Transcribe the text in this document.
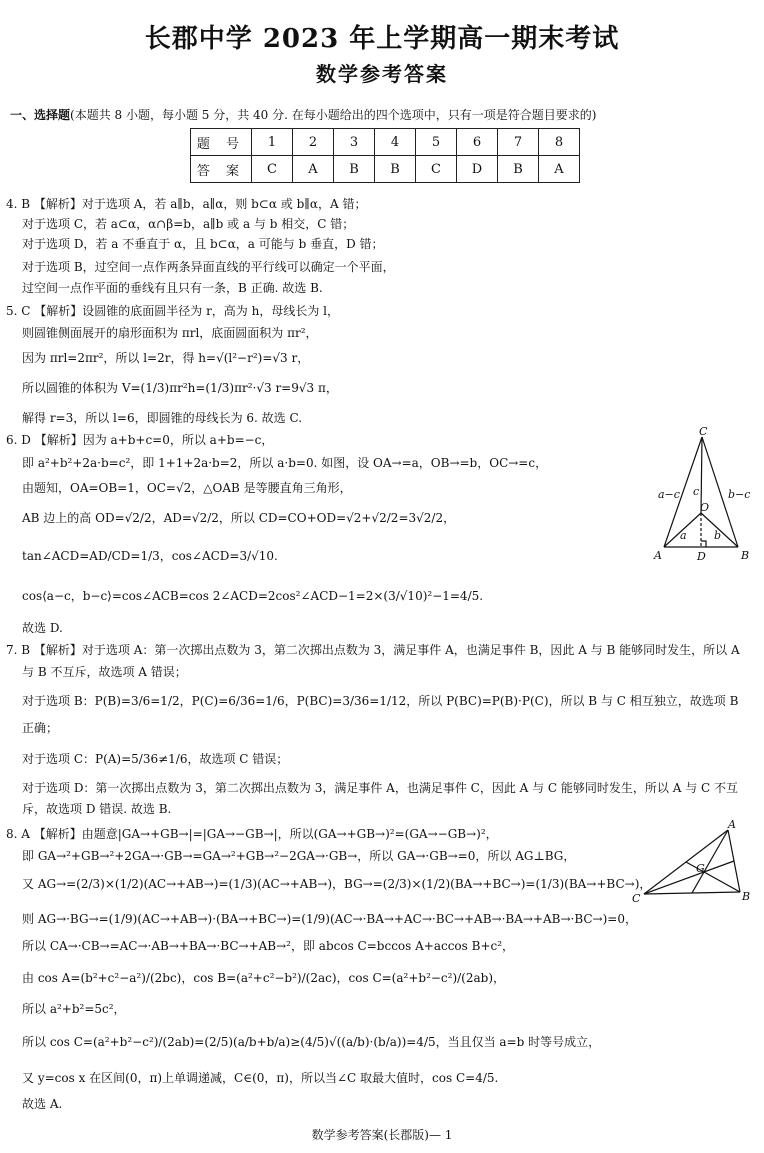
长郡中学 2023 年上学期高一期末考试
数学参考答案
一、选择题(本题共 8 小题，每小题 5 分，共 40 分. 在每小题给出的四个选项中，只有一项是符合题目要求的)
题 号	1	2	3	4	5	6	7	8
答 案	C	A	B	B	C	D	B	A
4. B 【解析】对于选项 A，若 a∥b，a∥α，则 b⊂α 或 b∥α，A 错；
对于选项 C，若 a⊂α，α∩β=b，a∥b 或 a 与 b 相交，C 错；
对于选项 D，若 a 不垂直于 α，且 b⊂α，a 可能与 b 垂直，D 错；
对于选项 B，过空间一点作两条异面直线的平行线可以确定一个平面，
过空间一点作平面的垂线有且只有一条，B 正确. 故选 B.
5. C 【解析】设圆锥的底面圆半径为 r，高为 h，母线长为 l，
则圆锥侧面展开的扇形面积为 πrl，底面圆面积为 πr²，
因为 πrl=2πr²，所以 l=2r，得 h=√(l²−r²)=√3 r，
所以圆锥的体积为 V=(1/3)πr²h=(1/3)πr²·√3 r=9√3 π，
解得 r=3，所以 l=6，即圆锥的母线长为 6. 故选 C.
6. D 【解析】因为 a+b+c=0，所以 a+b=−c，
即 a²+b²+2a·b=c²，即 1+1+2a·b=2，所以 a·b=0. 如图，设 OA→=a，OB→=b，OC→=c，
由题知，OA=OB=1，OC=√2，△OAB 是等腰直角三角形，
AB 边上的高 OD=√2/2，AD=√2/2，所以 CD=CO+OD=√2+√2/2=3√2/2，
tan∠ACD=AD/CD=1/3，cos∠ACD=3/√10.
cos⟨a−c，b−c⟩=cos∠ACB=cos 2∠ACD=2cos²∠ACD−1=2×(3/√10)²−1=4/5.
故选 D.
7. B 【解析】对于选项 A：第一次掷出点数为 3，第二次掷出点数为 3，满足事件 A，也满足事件 B，因此 A 与 B 能够同时发生，所以 A
与 B 不互斥，故选项 A 错误；
对于选项 B：P(B)=3/6=1/2，P(C)=6/36=1/6，P(BC)=3/36=1/12，所以 P(BC)=P(B)·P(C)，所以 B 与 C 相互独立，故选项 B
正确；
对于选项 C：P(A)=5/36≠1/6，故选项 C 错误；
对于选项 D：第一次掷出点数为 3，第二次掷出点数为 3，满足事件 A，也满足事件 C，因此 A 与 C 能够同时发生，所以 A 与 C 不互
斥，故选项 D 错误. 故选 B.
8. A 【解析】由题意|GA→+GB→|=|GA→−GB→|，所以(GA→+GB→)²=(GA→−GB→)²，
即 GA→²+GB→²+2GA→·GB→=GA→²+GB→²−2GA→·GB→，所以 GA→·GB→=0，所以 AG⊥BG，
又 AG→=(2/3)×(1/2)(AC→+AB→)=(1/3)(AC→+AB→)，BG→=(2/3)×(1/2)(BA→+BC→)=(1/3)(BA→+BC→)，
则 AG→·BG→=(1/9)(AC→+AB→)·(BA→+BC→)=(1/9)(AC→·BA→+AC→·BC→+AB→·BA→+AB→·BC→)=0，
所以 CA→·CB→=AC→·AB→+BA→·BC→+AB→²，即 abcos C=bccos A+accos B+c²，
由 cos A=(b²+c²−a²)/(2bc)，cos B=(a²+c²−b²)/(2ac)，cos C=(a²+b²−c²)/(2ab)，
所以 a²+b²=5c²，
所以 cos C=(a²+b²−c²)/(2ab)=(2/5)(a/b+b/a)≥(4/5)√((a/b)·(b/a))=4/5，当且仅当 a=b 时等号成立，
又 y=cos x 在区间(0，π)上单调递减，C∈(0，π)，所以当∠C 取最大值时，cos C=4/5.
故选 A.
C
O
A	D	B
a b
c
a−c	b−c
A
B
C
G
数学参考答案(长郡版)— 1
